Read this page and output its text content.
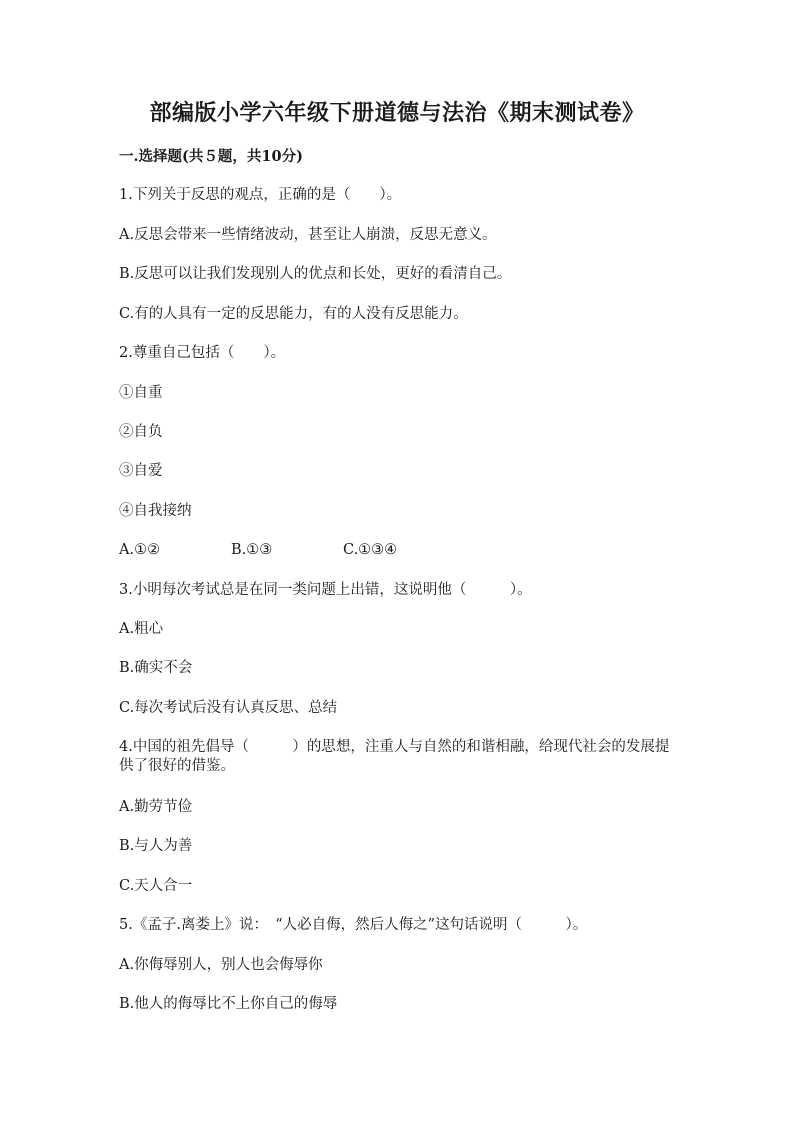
部编版小学六年级下册道德与法治《期末测试卷》
一.选择题(共５题，共10分)
1.下列关于反思的观点，正确的是（　　）。
A.反思会带来一些情绪波动，甚至让人崩溃，反思无意义。
B.反思可以让我们发现别人的优点和长处，更好的看清自己。
C.有的人具有一定的反思能力，有的人没有反思能力。
2.尊重自己包括（　　）。
①自重
②自负
③自爱
④自我接纳
A.①②	B.①③	C.①③④
3.小明每次考试总是在同一类问题上出错，这说明他（　　　）。
A.粗心
B.确实不会
C.每次考试后没有认真反思、总结
4.中国的祖先倡导（　　　）的思想，注重人与自然的和谐相融，给现代社会的发展提供了很好的借鉴。
A.勤劳节俭
B.与人为善
C.天人合一
5.《孟子.离娄上》说：　“人必自侮，然后人侮之”这句话说明（　　　）。
A.你侮辱别人，别人也会侮辱你
B.他人的侮辱比不上你自己的侮辱
